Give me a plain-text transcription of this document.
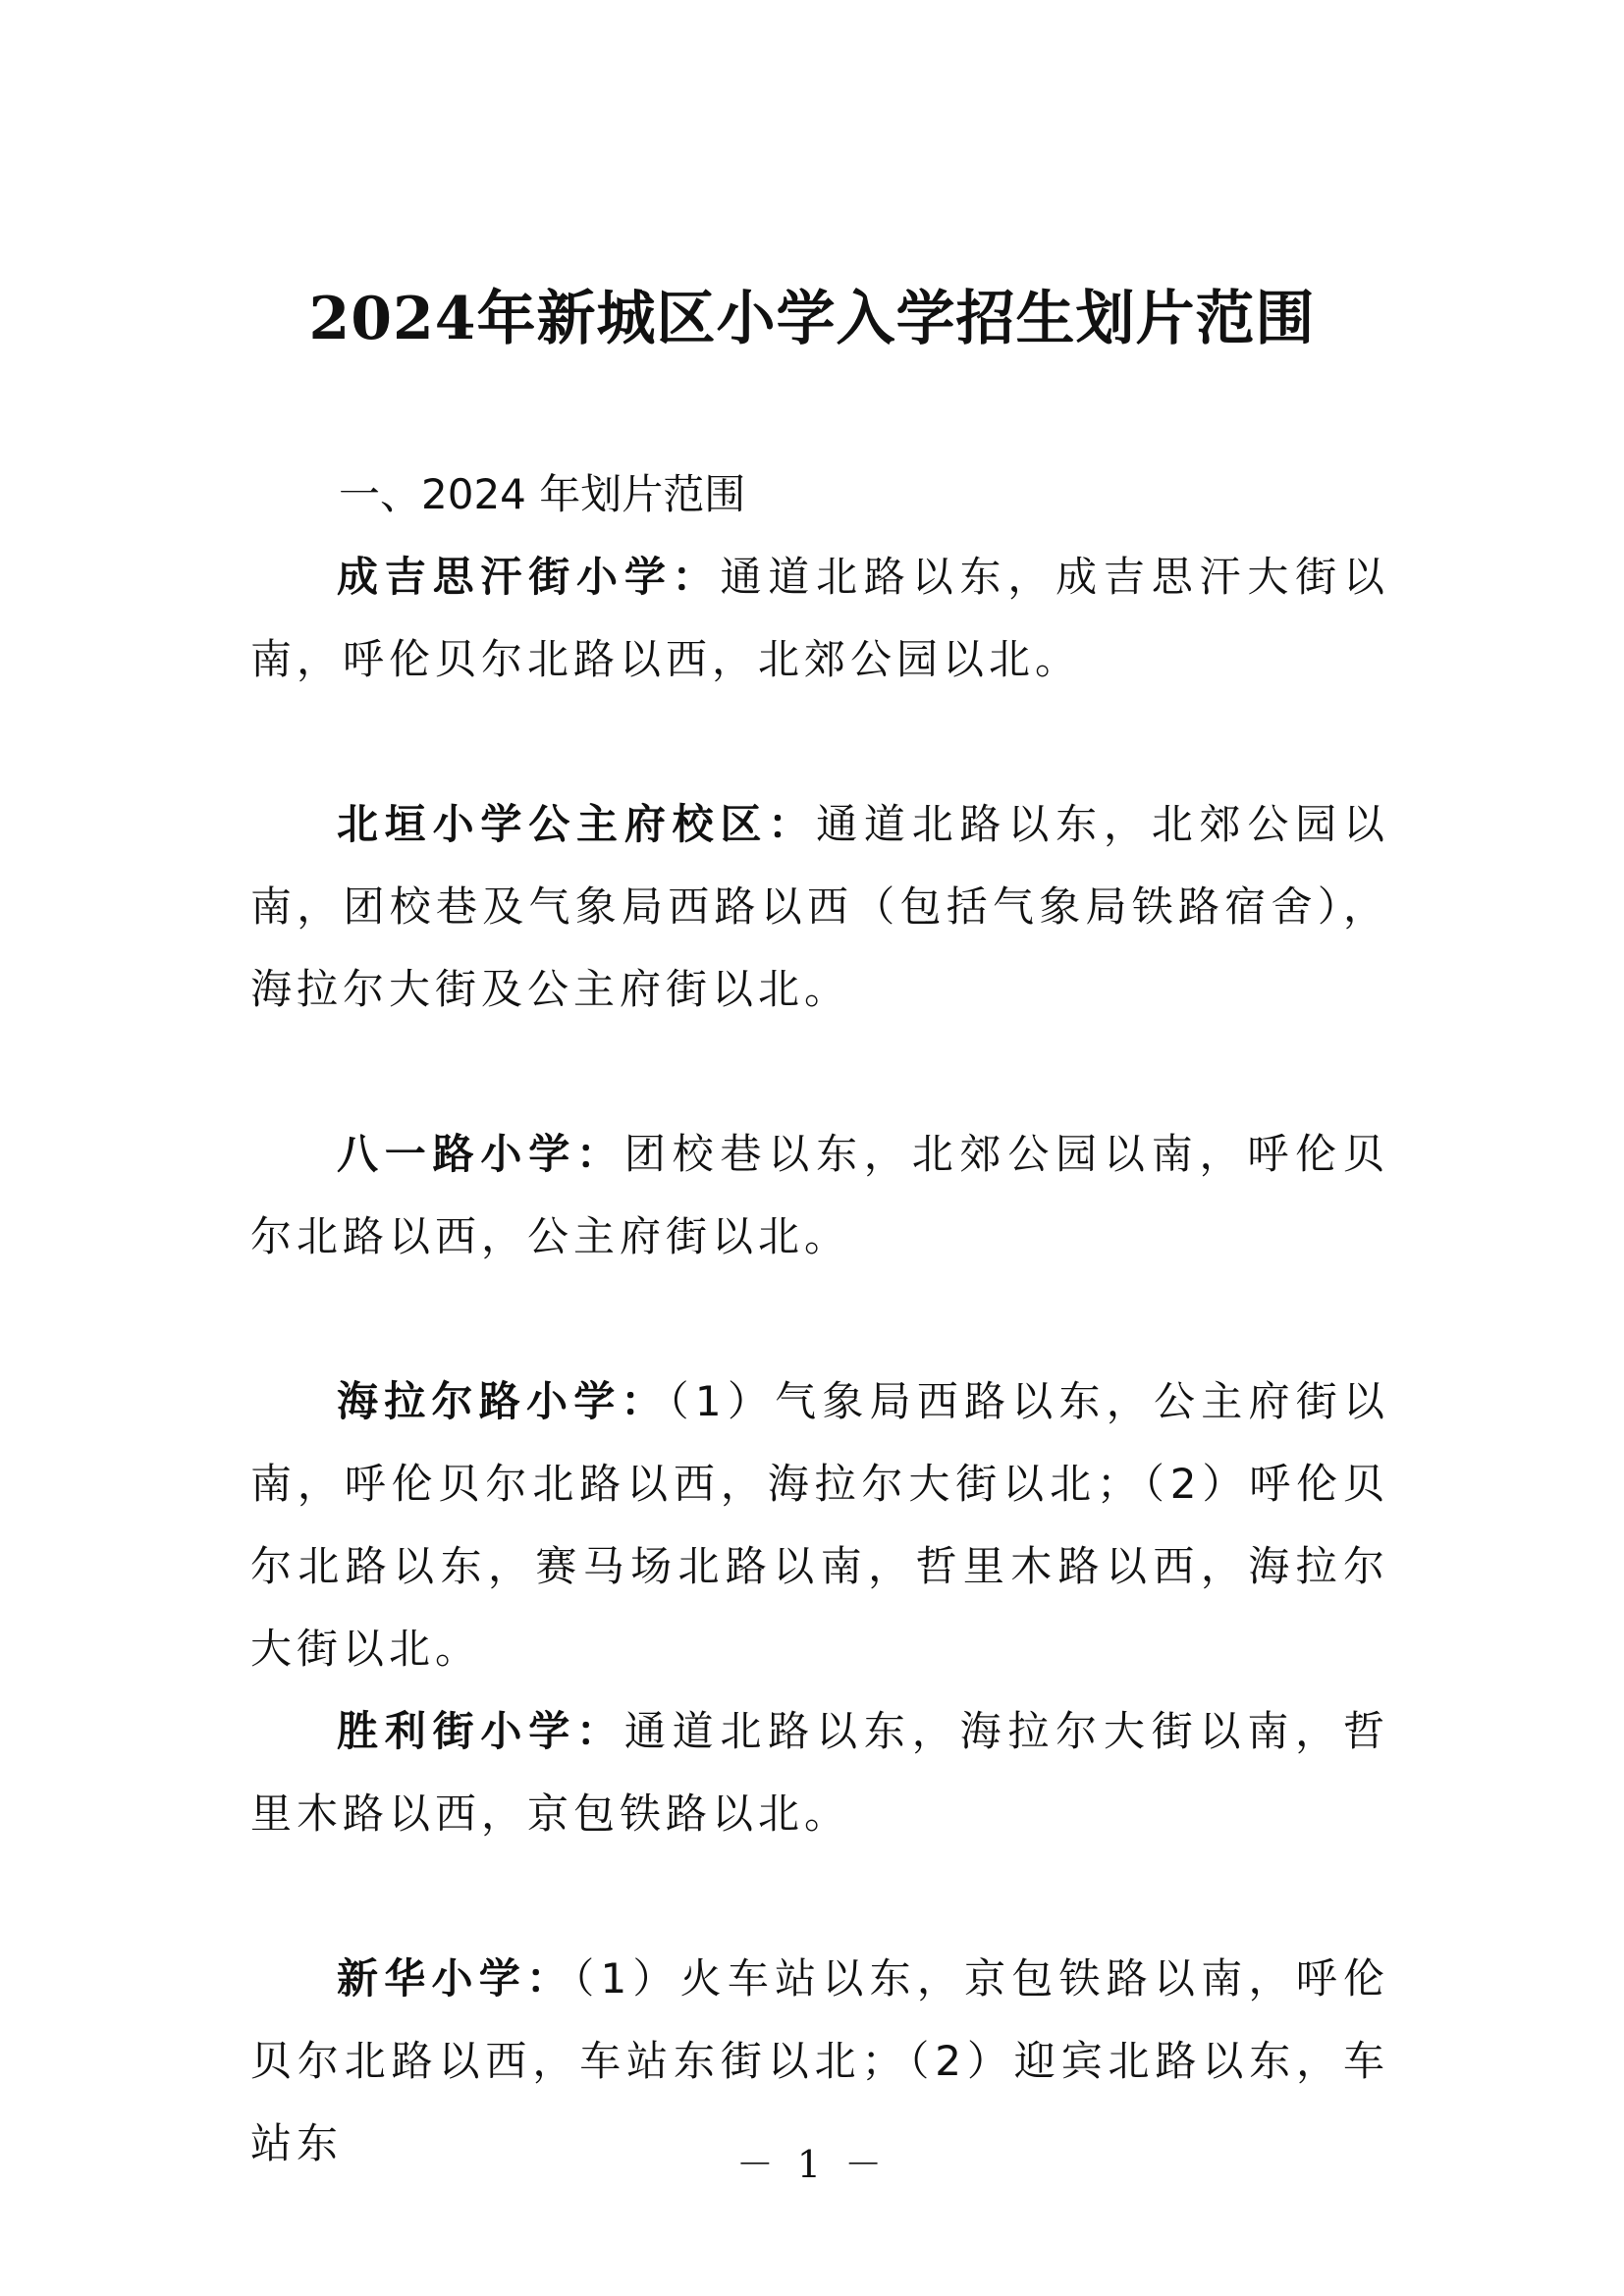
2024年新城区小学入学招生划片范围
一、2024 年划片范围

成吉思汗街小学：通道北路以东，成吉思汗大街以南，呼伦贝尔北路以西，北郊公园以北。

北垣小学公主府校区：通道北路以东，北郊公园以南，团校巷及气象局西路以西（包括气象局铁路宿舍），海拉尔大街及公主府街以北。

八一路小学：团校巷以东，北郊公园以南，呼伦贝尔北路以西，公主府街以北。

海拉尔路小学：（1）气象局西路以东，公主府街以南，呼伦贝尔北路以西，海拉尔大街以北；（2）呼伦贝尔北路以东，赛马场北路以南，哲里木路以西，海拉尔大街以北。

胜利街小学：通道北路以东，海拉尔大街以南，哲里木路以西，京包铁路以北。

新华小学：（1）火车站以东，京包铁路以南，呼伦贝尔北路以西，车站东街以北；（2）迎宾北路以东，车站东	－ 1 －
